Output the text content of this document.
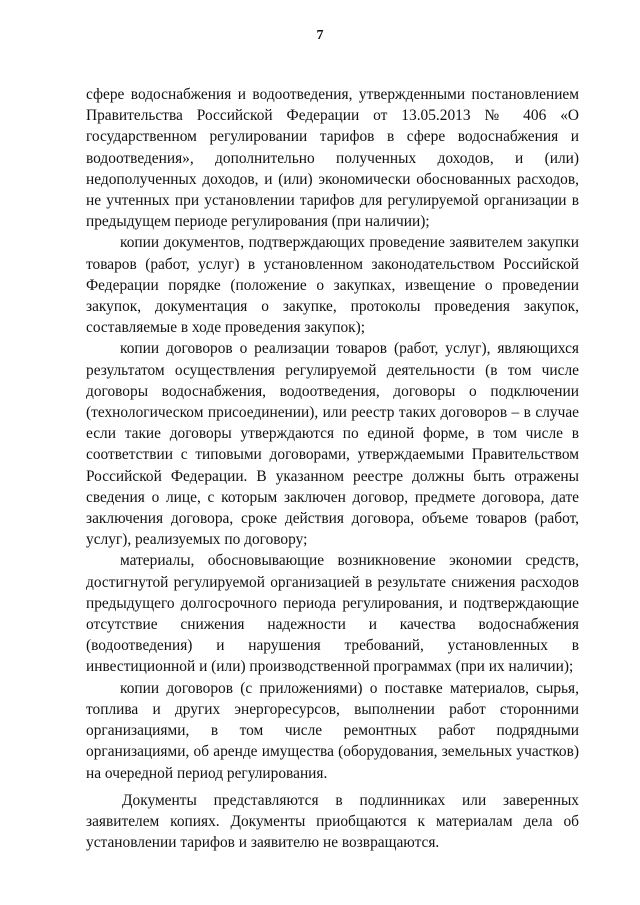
7

сфере водоснабжения и водоотведения, утвержденными постановлением Правительства Российской Федерации от 13.05.2013 № 406 «О государственном регулировании тарифов в сфере водоснабжения и водоотведения», дополнительно полученных доходов, и (или) недополученных доходов, и (или) экономически обоснованных расходов, не учтенных при установлении тарифов для регулируемой организации в предыдущем периоде регулирования (при наличии);

копии документов, подтверждающих проведение заявителем закупки товаров (работ, услуг) в установленном законодательством Российской Федерации порядке (положение о закупках, извещение о проведении закупок, документация о закупке, протоколы проведения закупок, составляемые в ходе проведения закупок);

копии договоров о реализации товаров (работ, услуг), являющихся результатом осуществления регулируемой деятельности (в том числе договоры водоснабжения, водоотведения, договоры о подключении (технологическом присоединении), или реестр таких договоров – в случае если такие договоры утверждаются по единой форме, в том числе в соответствии с типовыми договорами, утверждаемыми Правительством Российской Федерации. В указанном реестре должны быть отражены сведения о лице, с которым заключен договор, предмете договора, дате заключения договора, сроке действия договора, объеме товаров (работ, услуг), реализуемых по договору;

материалы, обосновывающие возникновение экономии средств, достигнутой регулируемой организацией в результате снижения расходов предыдущего долгосрочного периода регулирования, и подтверждающие отсутствие снижения надежности и качества водоснабжения (водоотведения) и нарушения требований, установленных в инвестиционной и (или) производственной программах (при их наличии);

копии договоров (с приложениями) о поставке материалов, сырья, топлива и других энергоресурсов, выполнении работ сторонними организациями, в том числе ремонтных работ подрядными организациями, об аренде имущества (оборудования, земельных участков) на очередной период регулирования.

Документы представляются в подлинниках или заверенных заявителем копиях. Документы приобщаются к материалам дела об установлении тарифов и заявителю не возвращаются.
